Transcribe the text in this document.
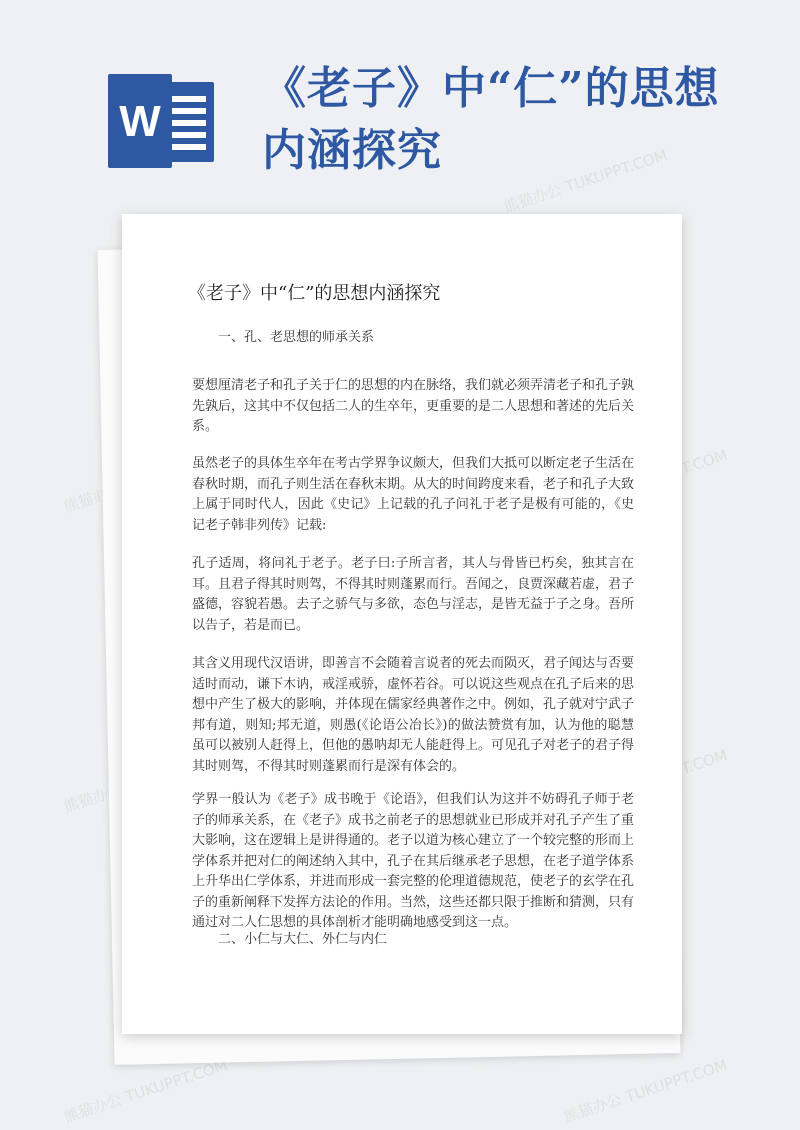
W
《老子》中“仁”的思想内涵探究	熊猫办公 TUKUPPT.COM
熊猫办公
熊猫办公
熊猫办公 TUKUPPT.COM	熊猫办公 TUKUPPT.COM
《老子》中“仁”的思想内涵探究

一、孔、老思想的师承关系

要想厘清老子和孔子关于仁的思想的内在脉络，我们就必须弄清老子和孔子孰先孰后，这其中不仅包括二人的生卒年，更重要的是二人思想和著述的先后关系。

虽然老子的具体生卒年在考古学界争议颇大，但我们大抵可以断定老子生活在春秋时期，而孔子则生活在春秋末期。从大的时间跨度来看，老子和孔子大致上属于同时代人，因此《史记》上记载的孔子问礼于老子是极有可能的，《史记老子韩非列传》记载:

孔子适周，将问礼于老子。老子曰:子所言者，其人与骨皆已朽矣，独其言在耳。且君子得其时则驾，不得其时则蓬累而行。吾闻之，良贾深藏若虚，君子盛德，容貌若愚。去子之骄气与多欲，态色与淫志，是皆无益于子之身。吾所以告子，若是而已。

其含义用现代汉语讲，即善言不会随着言说者的死去而陨灭，君子闻达与否要适时而动，谦下木讷，戒淫戒骄，虚怀若谷。可以说这些观点在孔子后来的思想中产生了极大的影响，并体现在儒家经典著作之中。例如，孔子就对宁武子邦有道，则知;邦无道，则愚(《论语公冶长》)的做法赞赏有加，认为他的聪慧虽可以被别人赶得上，但他的愚呐却无人能赶得上。可见孔子对老子的君子得其时则驾，不得其时则蓬累而行是深有体会的。

学界一般认为《老子》成书晚于《论语》，但我们认为这并不妨碍孔子师于老子的师承关系，在《老子》成书之前老子的思想就业已形成并对孔子产生了重大影响，这在逻辑上是讲得通的。老子以道为核心建立了一个较完整的形而上学体系并把对仁的阐述纳入其中，孔子在其后继承老子思想，在老子道学体系上升华出仁学体系，并进而形成一套完整的伦理道德规范，使老子的玄学在孔子的重新阐释下发挥方法论的作用。当然，这些还都只限于推断和猜测，只有通过对二人仁思想的具体剖析才能明确地感受到这一点。

二、小仁与大仁、外仁与内仁
